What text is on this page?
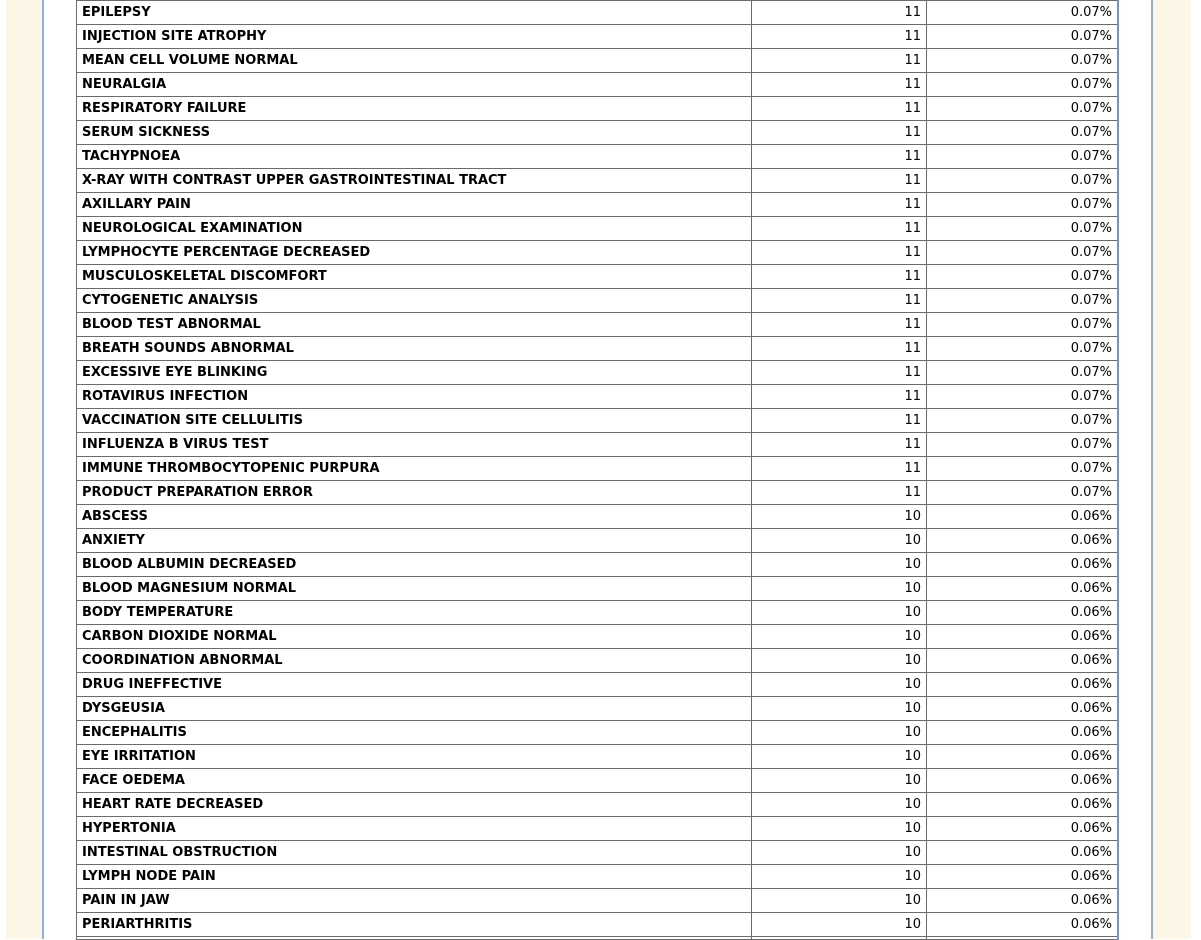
EPILEPSY	11	0.07%
INJECTION SITE ATROPHY	11	0.07%
MEAN CELL VOLUME NORMAL	11	0.07%
NEURALGIA	11	0.07%
RESPIRATORY FAILURE	11	0.07%
SERUM SICKNESS	11	0.07%
TACHYPNOEA	11	0.07%
X-RAY WITH CONTRAST UPPER GASTROINTESTINAL TRACT	11	0.07%
AXILLARY PAIN	11	0.07%
NEUROLOGICAL EXAMINATION	11	0.07%
LYMPHOCYTE PERCENTAGE DECREASED	11	0.07%
MUSCULOSKELETAL DISCOMFORT	11	0.07%
CYTOGENETIC ANALYSIS	11	0.07%
BLOOD TEST ABNORMAL	11	0.07%
BREATH SOUNDS ABNORMAL	11	0.07%
EXCESSIVE EYE BLINKING	11	0.07%
ROTAVIRUS INFECTION	11	0.07%
VACCINATION SITE CELLULITIS	11	0.07%
INFLUENZA B VIRUS TEST	11	0.07%
IMMUNE THROMBOCYTOPENIC PURPURA	11	0.07%
PRODUCT PREPARATION ERROR	11	0.07%
ABSCESS	10	0.06%
ANXIETY	10	0.06%
BLOOD ALBUMIN DECREASED	10	0.06%
BLOOD MAGNESIUM NORMAL	10	0.06%
BODY TEMPERATURE	10	0.06%
CARBON DIOXIDE NORMAL	10	0.06%
COORDINATION ABNORMAL	10	0.06%
DRUG INEFFECTIVE	10	0.06%
DYSGEUSIA	10	0.06%
ENCEPHALITIS	10	0.06%
EYE IRRITATION	10	0.06%
FACE OEDEMA	10	0.06%
HEART RATE DECREASED	10	0.06%
HYPERTONIA	10	0.06%
INTESTINAL OBSTRUCTION	10	0.06%
LYMPH NODE PAIN	10	0.06%
PAIN IN JAW	10	0.06%
PERIARTHRITIS	10	0.06%
